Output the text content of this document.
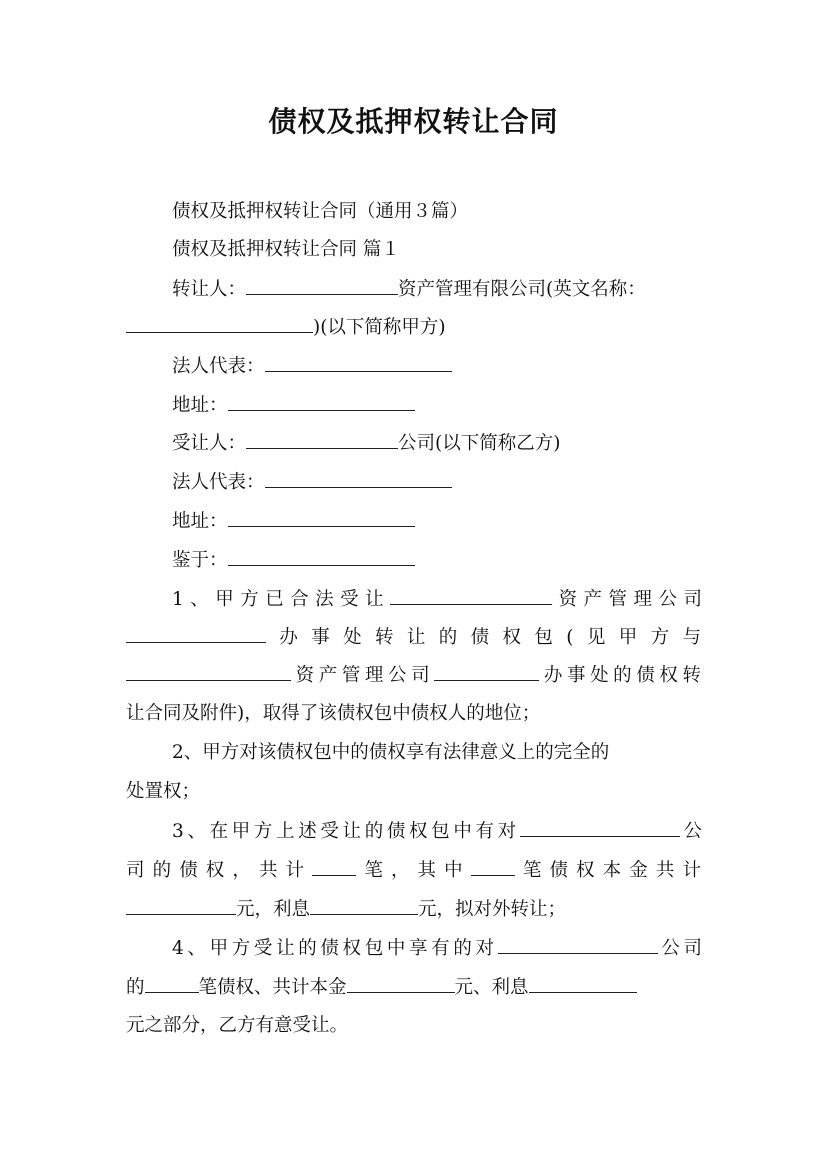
债权及抵押权转让合同
债权及抵押权转让合同（通用３篇）
债权及抵押权转让合同 篇１
转让人：	资产管理有限公司(英文名称：
)(以下简称甲方)
法人代表：
地址：
受让人：	公司(以下简称乙方)
法人代表：
地址：
鉴于：
1、甲方已合法受让	资产管理公司
办事处转让的债权包(见甲方与
资产管理公司	办事处的债权转
让合同及附件)，取得了该债权包中债权人的地位；
2、甲方对该债权包中的债权享有法律意义上的完全的
处置权；
3、在甲方上述受让的债权包中有对	公
司的债权，共计 笔，其中 笔债权本金共计
元，利息	元，拟对外转让；
4、甲方受让的债权包中享有的对	公司
的	笔债权、共计本金	元、利息
元之部分，乙方有意受让。
